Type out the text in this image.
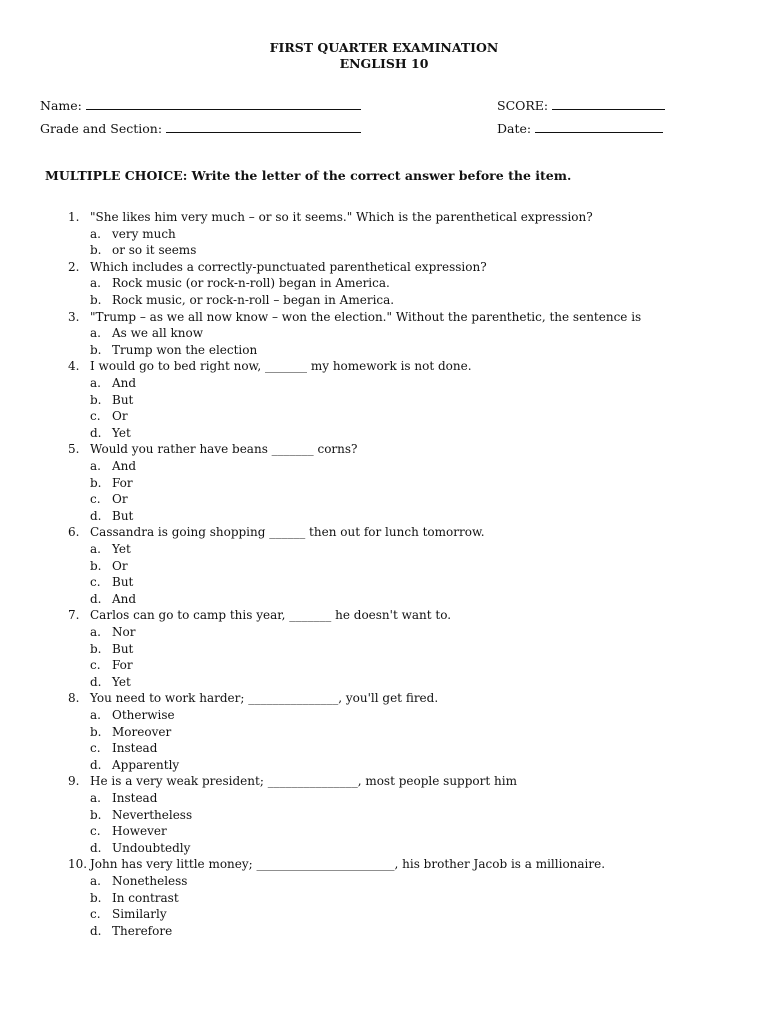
FIRST QUARTER EXAMINATION
ENGLISH 10
Name:	SCORE:
Grade and Section:	Date:
MULTIPLE CHOICE: Write the letter of the correct answer before the item.
1. "She likes him very much – or so it seems." Which is the parenthetical expression?
a. very much
b. or so it seems
2. Which includes a correctly-punctuated parenthetical expression?
a. Rock music (or rock-n-roll) began in America.
b. Rock music, or rock-n-roll – began in America.
3. "Trump – as we all now know – won the election." Without the parenthetic, the sentence is
a. As we all know
b. Trump won the election
4. I would go to bed right now, _______ my homework is not done.
a. And
b. But
c. Or
d. Yet
5. Would you rather have beans _______ corns?
a. And
b. For
c. Or
d. But
6. Cassandra is going shopping ______ then out for lunch tomorrow.
a. Yet
b. Or
c. But
d. And
7. Carlos can go to camp this year, _______ he doesn't want to.
a. Nor
b. But
c. For
d. Yet
8. You need to work harder; _______________, you'll get fired.
a. Otherwise
b. Moreover
c. Instead
d. Apparently
9. He is a very weak president; _______________, most people support him
a. Instead
b. Nevertheless
c. However
d. Undoubtedly
10. John has very little money; _______________________, his brother Jacob is a millionaire.
a. Nonetheless
b. In contrast
c. Similarly
d. Therefore
